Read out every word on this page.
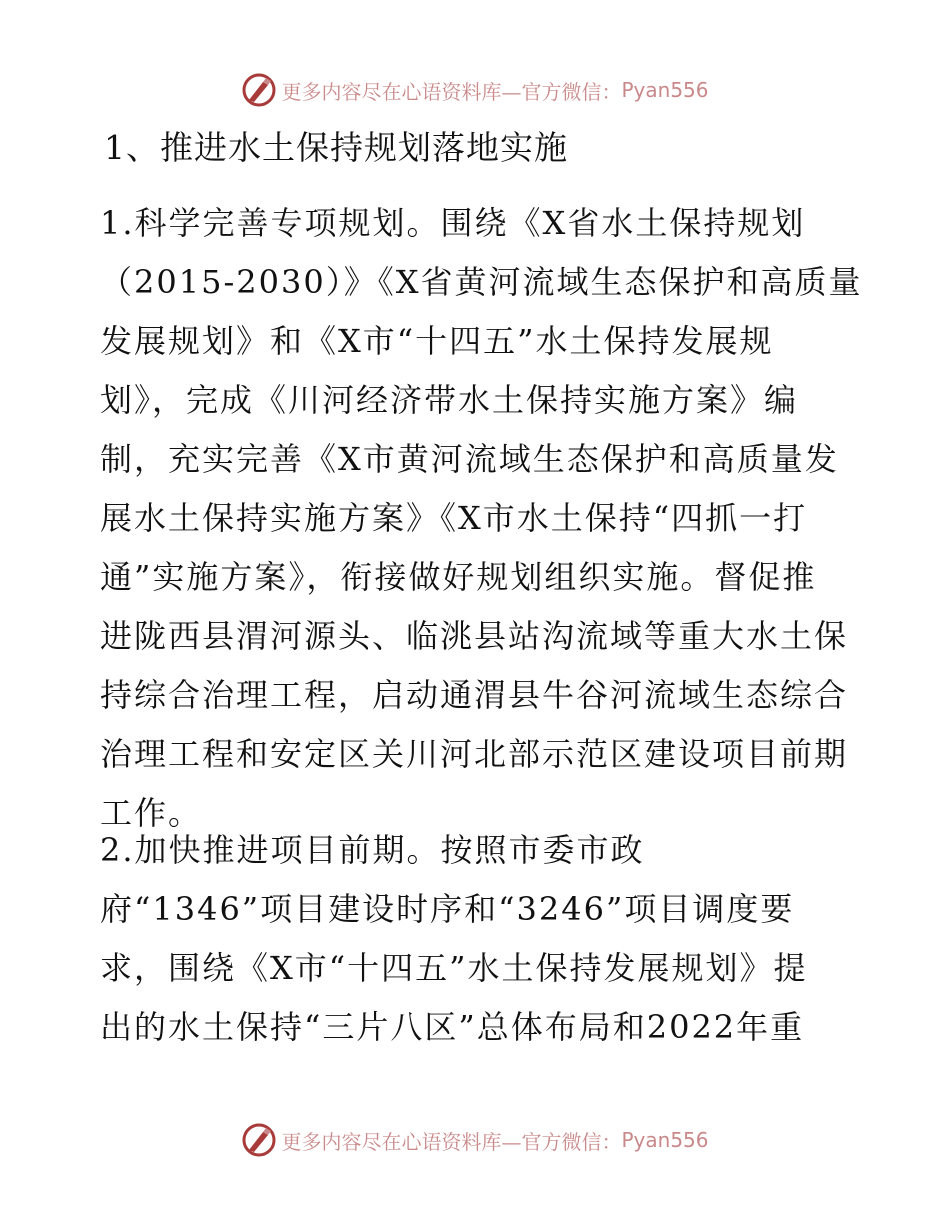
更多内容尽在心语资料库—官方微信： Pyan556
1、推进水土保持规划落地实施
1.科学完善专项规划。围绕《X省水土保持规划
（2015-2030）》《X省黄河流域生态保护和高质量
发展规划》和《X市“十四五”水土保持发展规
划》，完成《川河经济带水土保持实施方案》编
制，充实完善《X市黄河流域生态保护和高质量发
展水土保持实施方案》《X市水土保持“四抓一打
通”实施方案》，衔接做好规划组织实施。督促推
进陇西县渭河源头、临洮县站沟流域等重大水土保
持综合治理工程，启动通渭县牛谷河流域生态综合
治理工程和安定区关川河北部示范区建设项目前期
工作。
2.加快推进项目前期。按照市委市政
府“1346”项目建设时序和“3246”项目调度要
求，围绕《X市“十四五”水土保持发展规划》提
出的水土保持“三片八区”总体布局和2022年重
更多内容尽在心语资料库—官方微信： Pyan556
